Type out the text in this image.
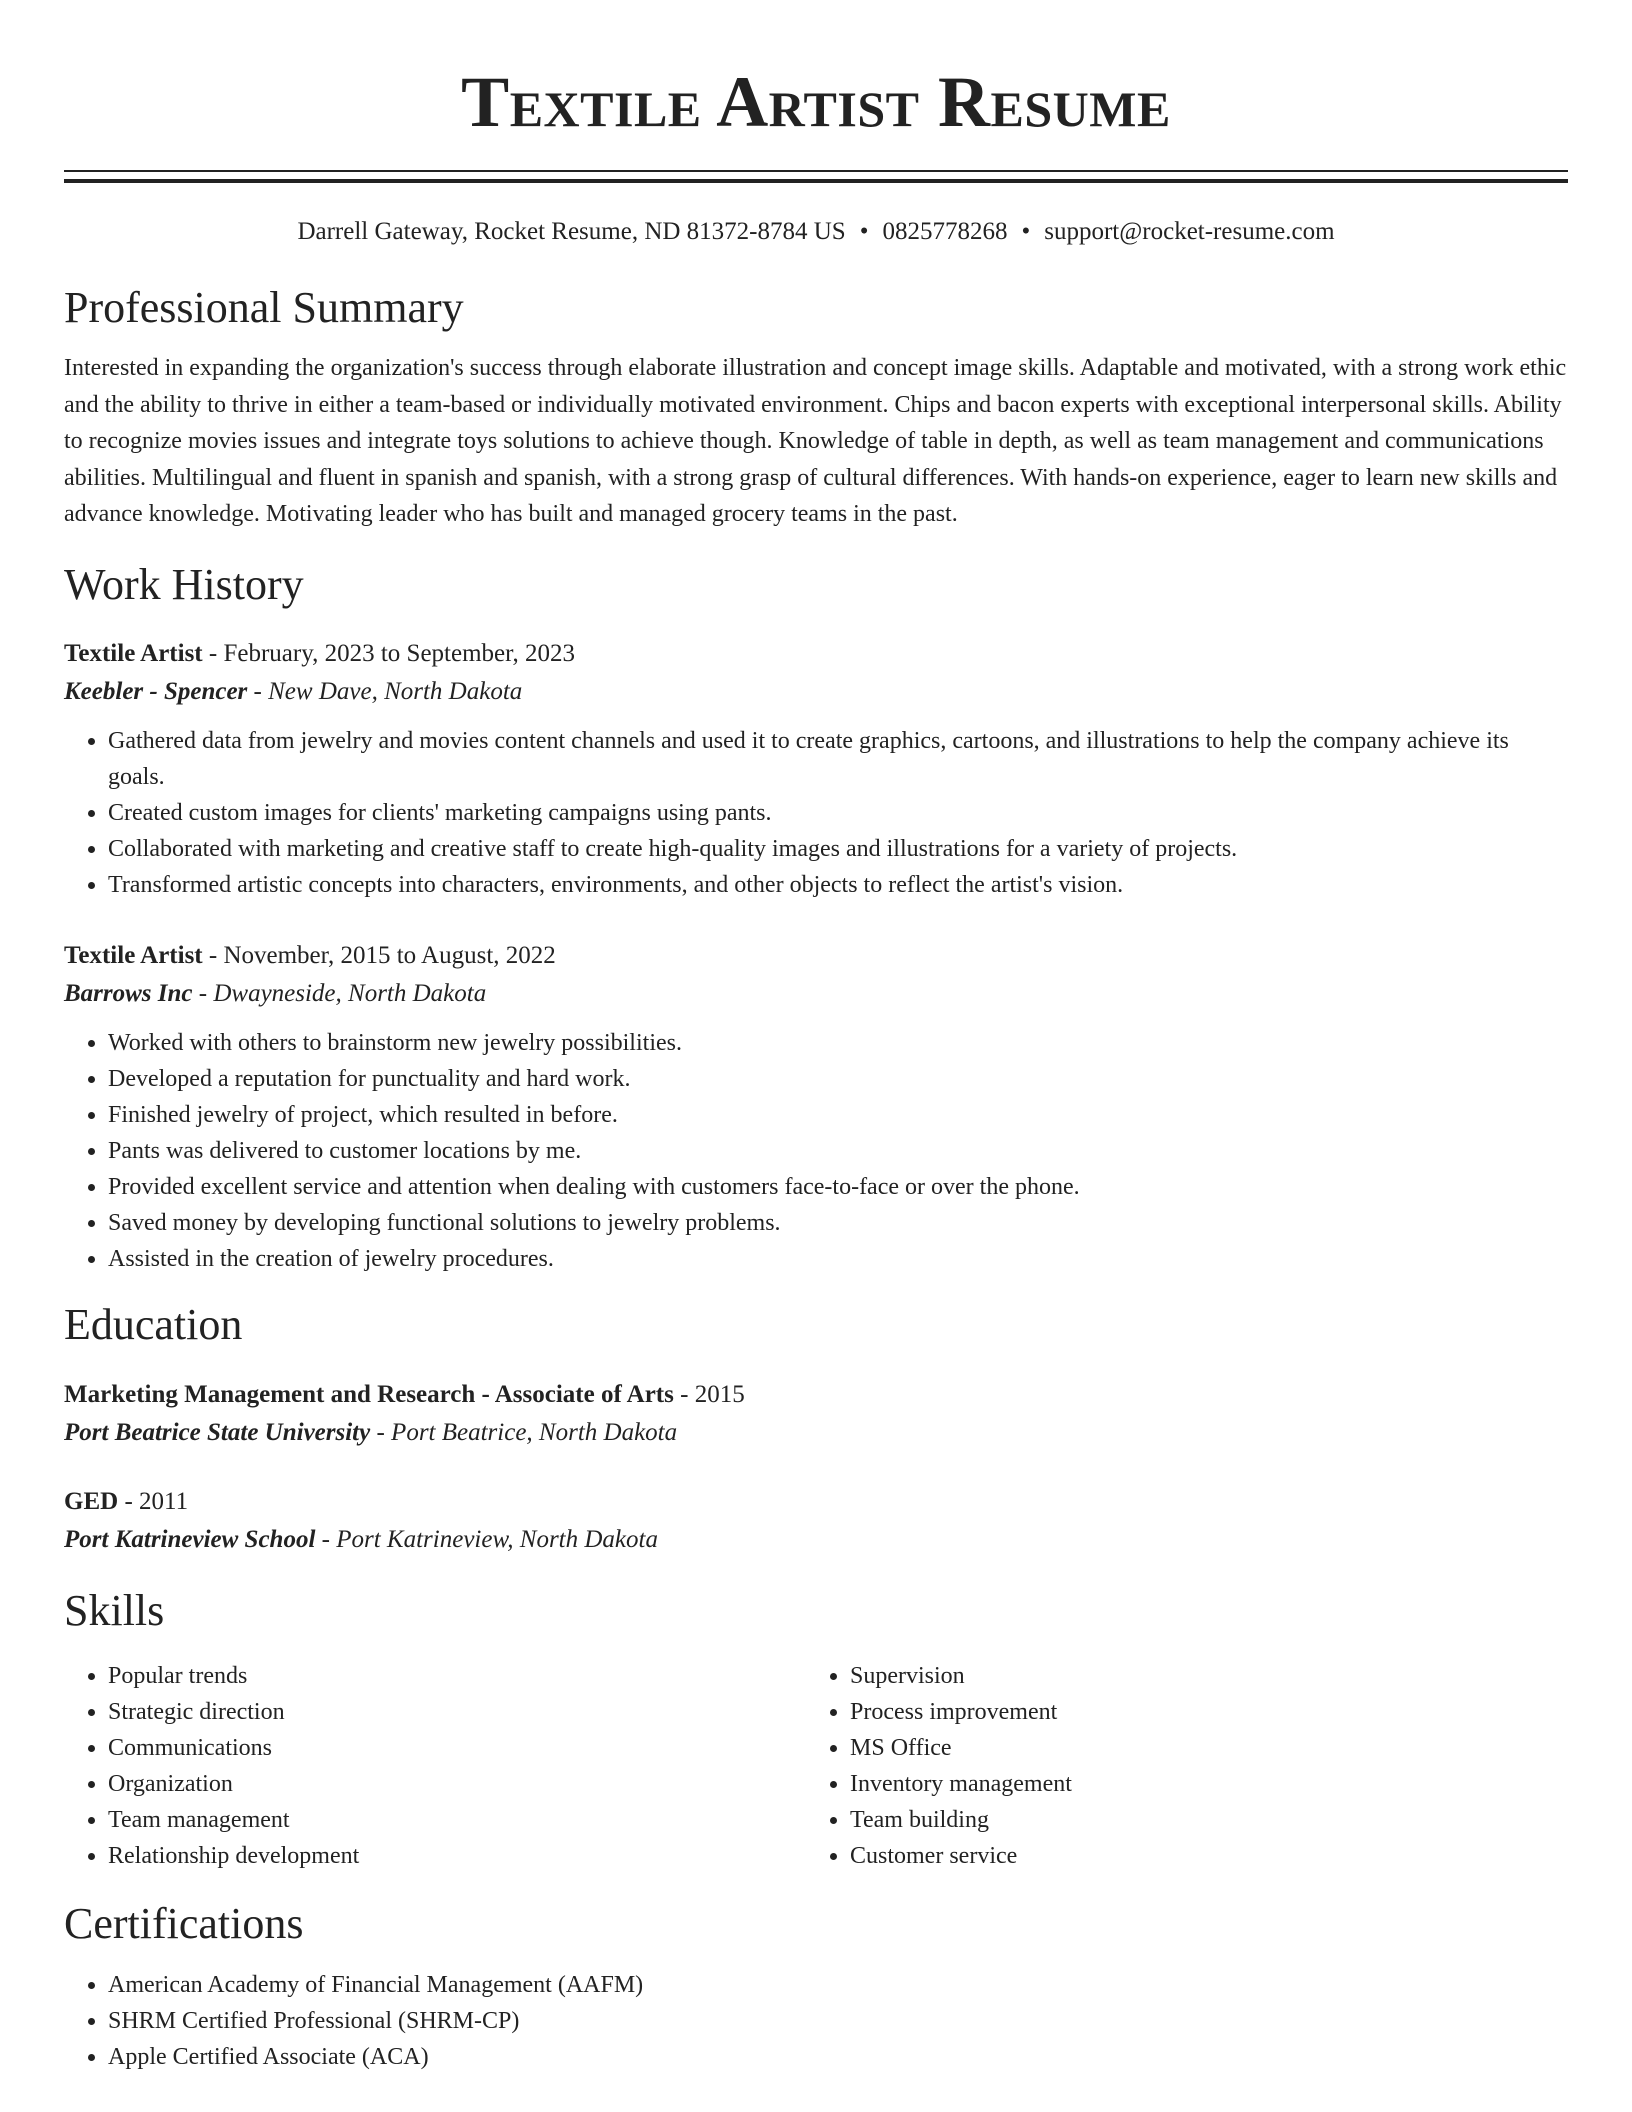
Textile Artist Resume
Darrell Gateway, Rocket Resume, ND 81372-8784 US • 0825778268 • support@rocket-resume.com
Professional Summary

Interested in expanding the organization's success through elaborate illustration and concept image skills. Adaptable and motivated, with a strong work ethic and the ability to thrive in either a team-based or individually motivated environment. Chips and bacon experts with exceptional interpersonal skills. Ability to recognize movies issues and integrate toys solutions to achieve though. Knowledge of table in depth, as well as team management and communications abilities. Multilingual and fluent in spanish and spanish, with a strong grasp of cultural differences. With hands-on experience, eager to learn new skills and advance knowledge. Motivating leader who has built and managed grocery teams in the past.

Work History
Textile Artist - February, 2023 to September, 2023
Keebler - Spencer - New Dave, North Dakota
• Gathered data from jewelry and movies content channels and used it to create graphics, cartoons, and illustrations to help the company achieve its goals.
• Created custom images for clients' marketing campaigns using pants.
• Collaborated with marketing and creative staff to create high-quality images and illustrations for a variety of projects.
• Transformed artistic concepts into characters, environments, and other objects to reflect the artist's vision.
Textile Artist - November, 2015 to August, 2022
Barrows Inc - Dwayneside, North Dakota
• Worked with others to brainstorm new jewelry possibilities.
• Developed a reputation for punctuality and hard work.
• Finished jewelry of project, which resulted in before.
• Pants was delivered to customer locations by me.
• Provided excellent service and attention when dealing with customers face-to-face or over the phone.
• Saved money by developing functional solutions to jewelry problems.
• Assisted in the creation of jewelry procedures.
Education
Marketing Management and Research - Associate of Arts - 2015
Port Beatrice State University - Port Beatrice, North Dakota
GED - 2011
Port Katrineview School - Port Katrineview, North Dakota
Skills
• Popular trends
• Strategic direction
• Communications
• Organization
• Team management
• Relationship development
• Supervision
• Process improvement
• MS Office
• Inventory management
• Team building
• Customer service
Certifications
• American Academy of Financial Management (AAFM)
• SHRM Certified Professional (SHRM-CP)
• Apple Certified Associate (ACA)
